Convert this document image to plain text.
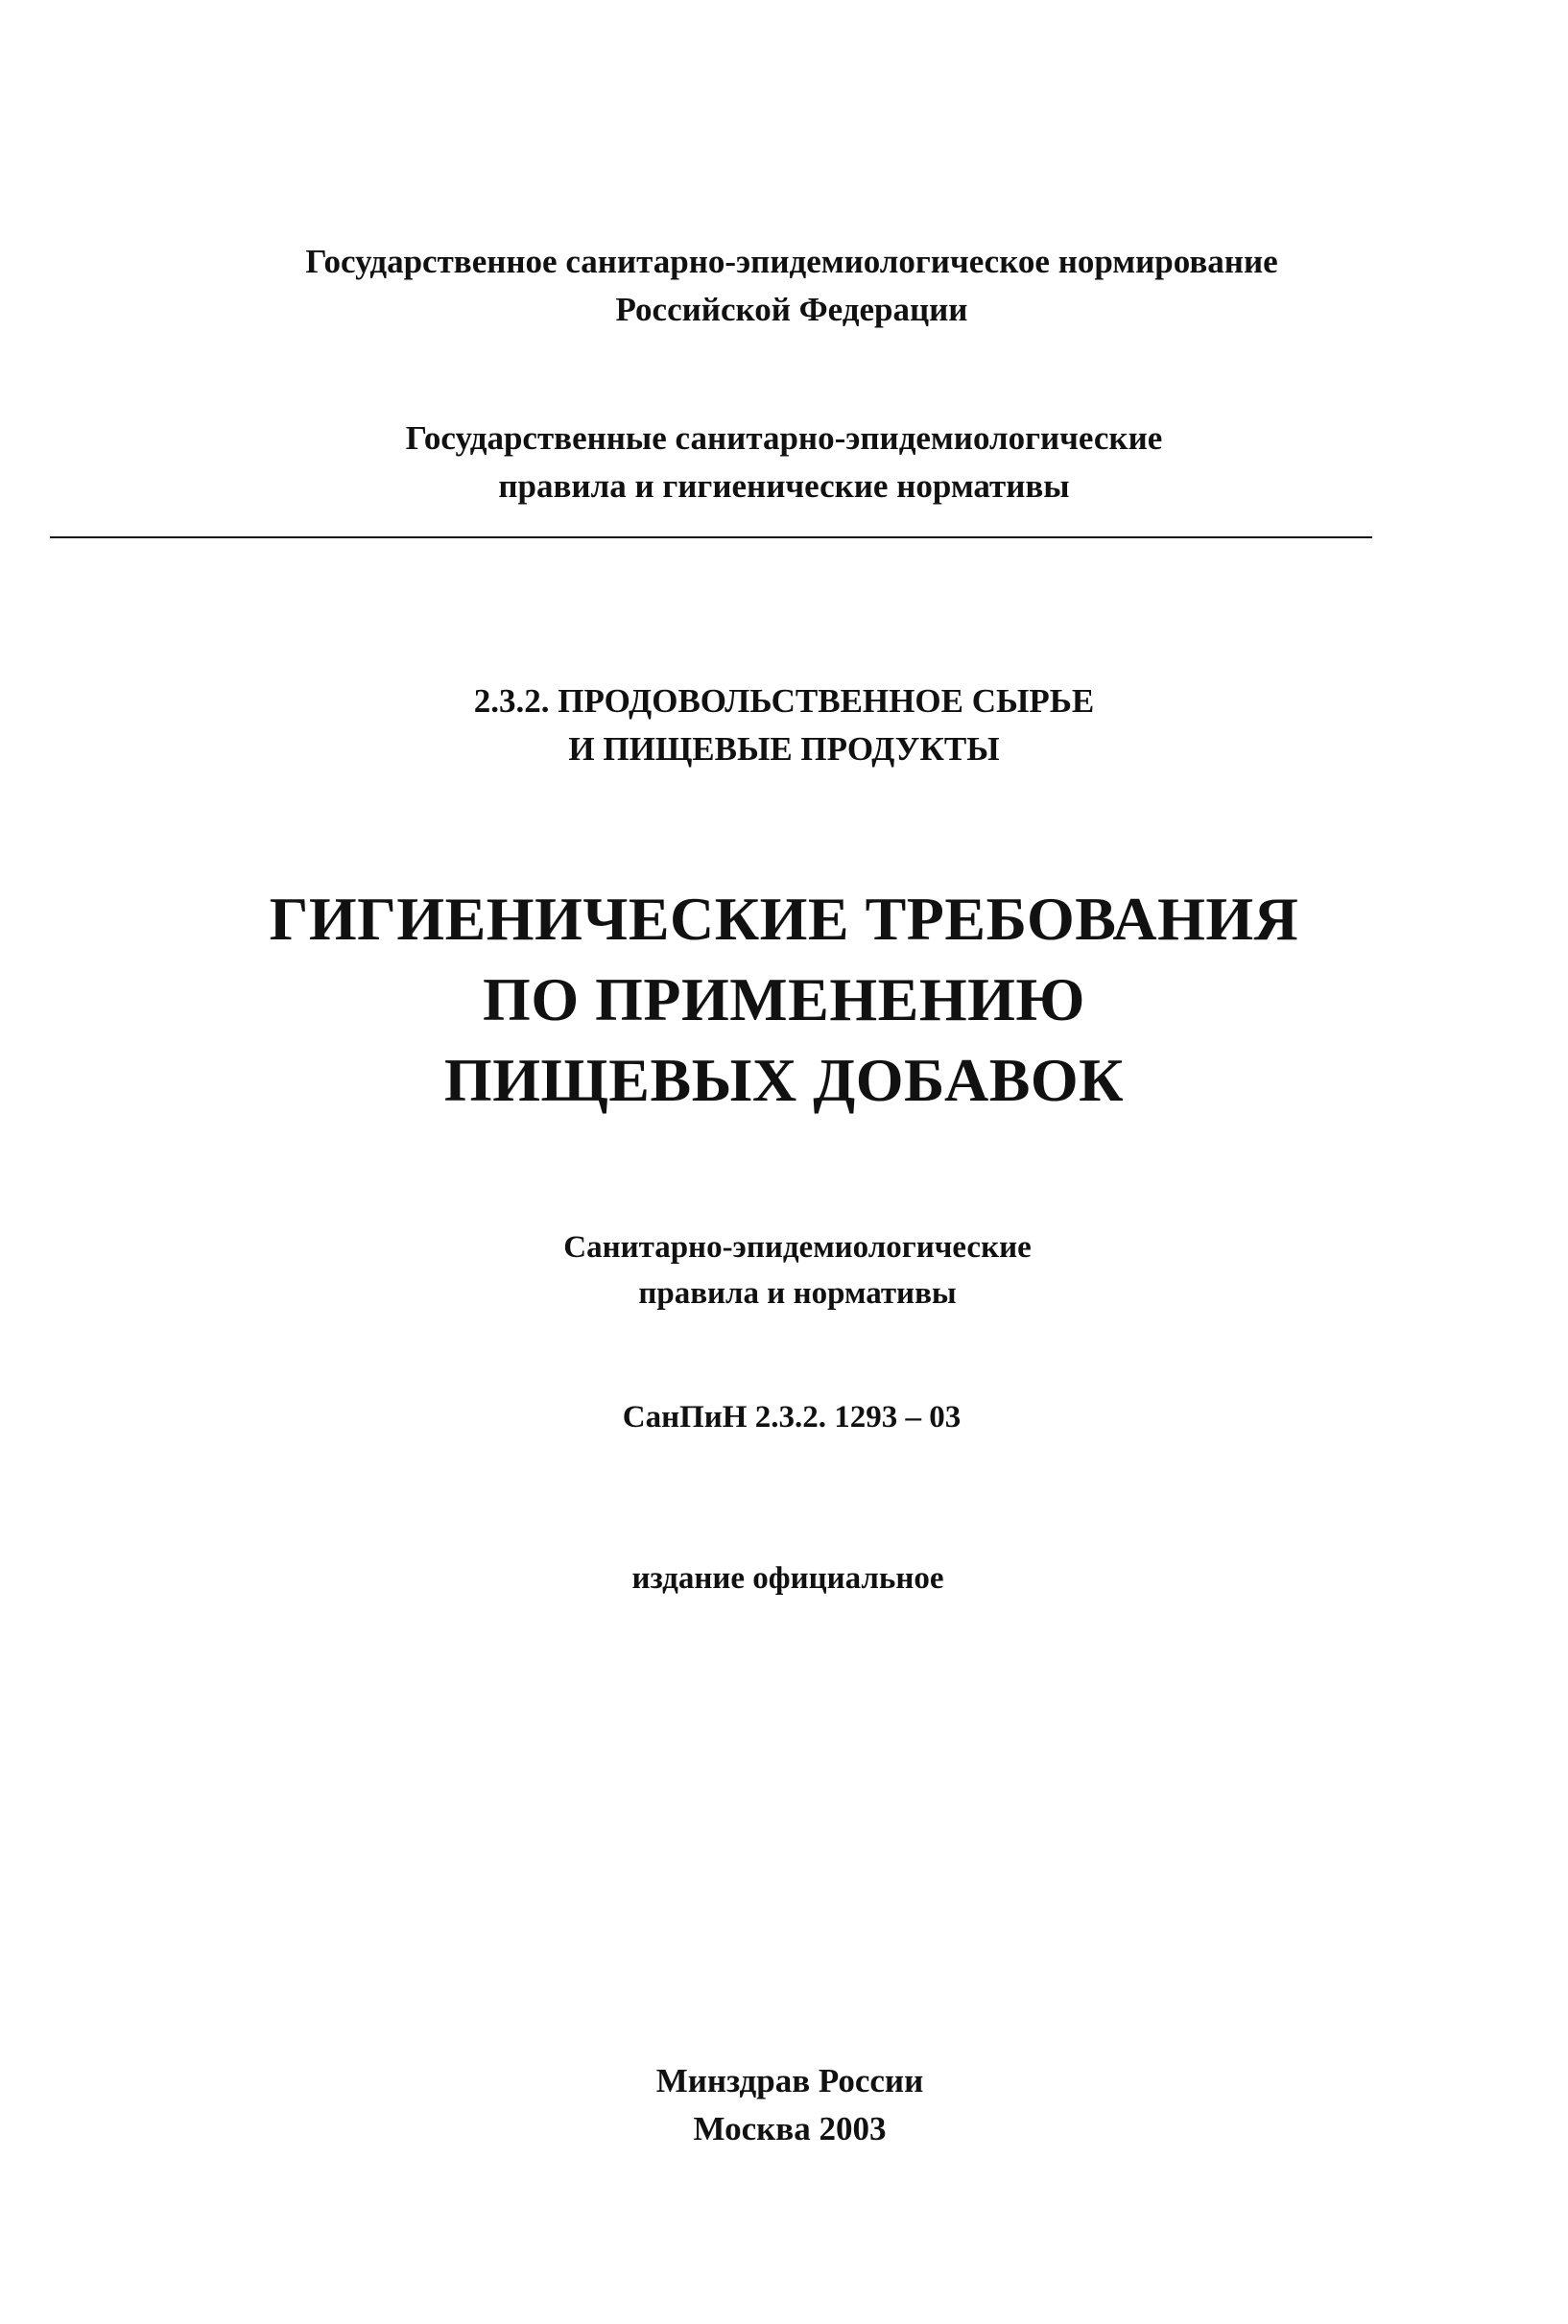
Государственное санитарно-эпидемиологическое нормирование
Российской Федерации
Государственные санитарно-эпидемиологические
правила и гигиенические нормативы
2.3.2. ПРОДОВОЛЬСТВЕННОЕ СЫРЬЕ
И ПИЩЕВЫЕ ПРОДУКТЫ
ГИГИЕНИЧЕСКИЕ ТРЕБОВАНИЯ
ПО ПРИМЕНЕНИЮ
ПИЩЕВЫХ ДОБАВОК
Санитарно-эпидемиологические
правила и нормативы
СанПиН 2.3.2. 1293 – 03
издание официальное
Минздрав России
Москва 2003
